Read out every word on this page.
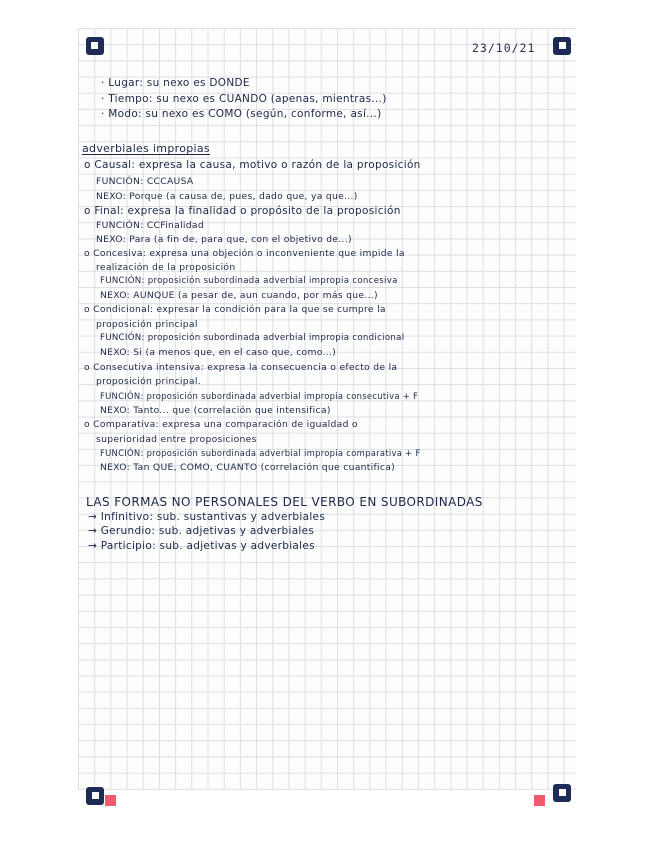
23/10/21
· Lugar: su nexo es DONDE
· Tiempo: su nexo es CUANDO (apenas, mientras...)
· Modo: su nexo es COMO (según, conforme, así...)
adverbiales impropias
o Causal: expresa la causa, motivo o razón de la proposición
FUNCIÓN: CCCAUSA
NEXO: Porque (a causa de, pues, dado que, ya que...)
o Final: expresa la finalidad o propósito de la proposición
FUNCIÓN: CCFinalidad
NEXO: Para (a fin de, para que, con el objetivo de...)
o Concesiva: expresa una objeción o inconveniente que impide la
realización de la proposición
FUNCIÓN: proposición subordinada adverbial impropia concesiva
NEXO: AUNQUE (a pesar de, aun cuando, por más que...)
o Condicional: expresar la condición para la que se cumpre la
proposición principal
FUNCIÓN: proposición subordinada adverbial impropia condicional
NEXO: Si (a menos que, en el caso que, como...)
o Consecutiva intensiva: expresa la consecuencia o efecto de la
proposición principal.
FUNCIÓN: proposición subordinada adverbial impropia consecutiva + F
NEXO: Tanto... que (correlación que intensifica)
o Comparativa: expresa una comparación de igualdad o
superioridad entre proposiciones
FUNCIÓN: proposición subordinada adverbial impropia comparativa + F
NEXO: Tan QUE, COMO, CUANTO (correlación que cuantifica)
LAS FORMAS NO PERSONALES DEL VERBO EN SUBORDINADAS
→ Infinitivo: sub. sustantivas y adverbiales
→ Gerundio: sub. adjetivas y adverbiales
→ Participio: sub. adjetivas y adverbiales
